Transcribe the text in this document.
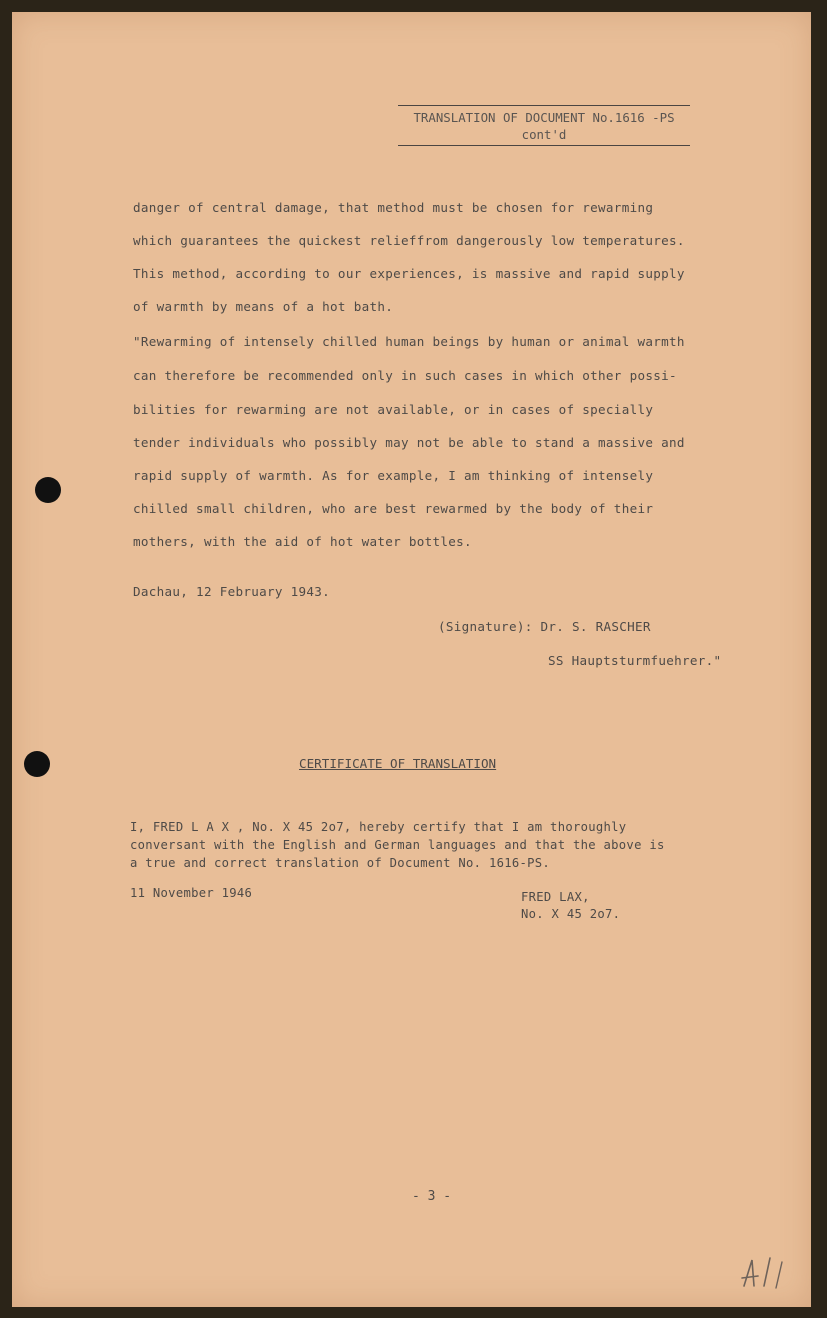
TRANSLATION OF DOCUMENT No.1616 -PS
cont'd
danger of central damage, that method must be chosen for rewarming
which guarantees the quickest relieffrom dangerously low temperatures.
This method, according to our experiences, is massive and rapid supply
of warmth by means of a hot bath.
"Rewarming of intensely chilled human beings by human or animal warmth
can therefore be recommended only in such cases in which other possi-
bilities for rewarming are not available, or in cases of specially
tender individuals who possibly may not be able to stand a massive and
rapid supply of warmth. As for example, I am thinking of intensely
chilled small children, who are best rewarmed by the body of their
mothers, with the aid of hot water bottles.
Dachau, 12 February 1943.
(Signature): Dr. S. RASCHER
SS Hauptsturmfuehrer."
CERTIFICATE OF TRANSLATION
I, FRED L A X , No. X 45 2o7, hereby certify that I am thoroughly
conversant with the English and German languages and that the above is
a true and correct translation of Document No. 1616-PS.
11 November 1946	FRED LAX,
No. X 45 2o7.
- 3 -
